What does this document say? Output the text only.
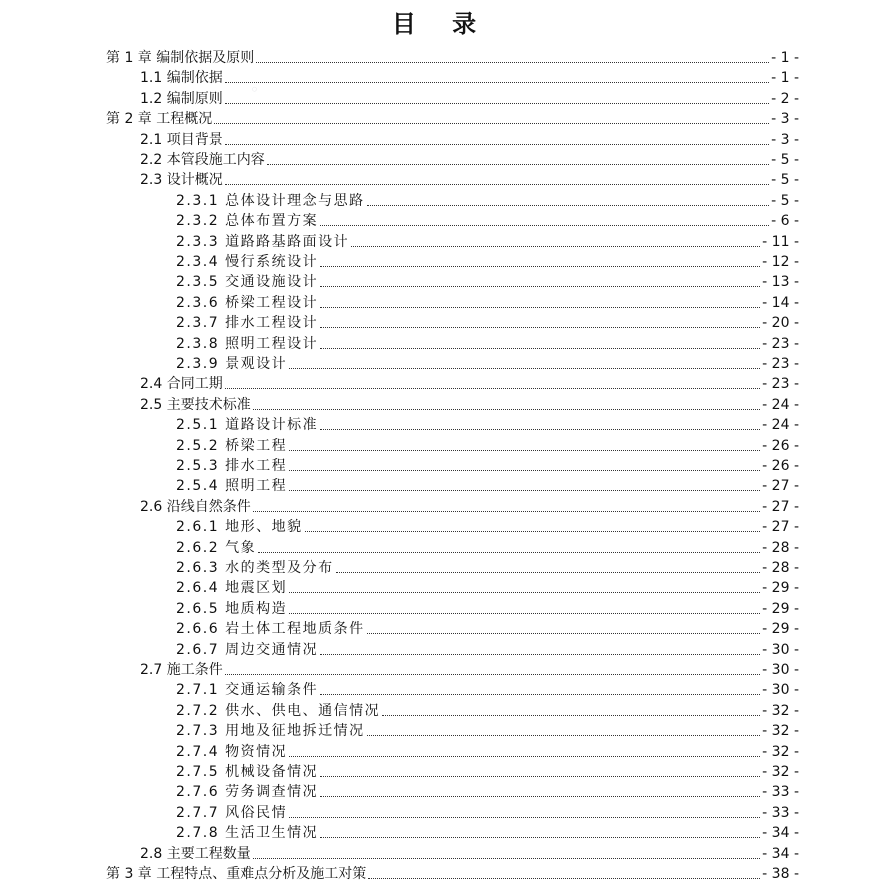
目 录
◦
第 1 章 编制依据及原则	- 1 -
1.1 编制依据	- 1 -
1.2 编制原则	- 2 -
第 2 章 工程概况	- 3 -
2.1 项目背景	- 3 -
2.2 本管段施工内容	- 5 -
2.3 设计概况	- 5 -
2.3.1 总体设计理念与思路	- 5 -
2.3.2 总体布置方案	- 6 -
2.3.3 道路路基路面设计	- 11 -
2.3.4 慢行系统设计	- 12 -
2.3.5 交通设施设计	- 13 -
2.3.6 桥梁工程设计	- 14 -
2.3.7 排水工程设计	- 20 -
2.3.8 照明工程设计	- 23 -
2.3.9 景观设计	- 23 -
2.4 合同工期	- 23 -
2.5 主要技术标准	- 24 -
2.5.1 道路设计标准	- 24 -
2.5.2 桥梁工程	- 26 -
2.5.3 排水工程	- 26 -
2.5.4 照明工程	- 27 -
2.6 沿线自然条件	- 27 -
2.6.1 地形、地貌	- 27 -
2.6.2 气象	- 28 -
2.6.3 水的类型及分布	- 28 -
2.6.4 地震区划	- 29 -
2.6.5 地质构造	- 29 -
2.6.6 岩土体工程地质条件	- 29 -
2.6.7 周边交通情况	- 30 -
2.7 施工条件	- 30 -
2.7.1 交通运输条件	- 30 -
2.7.2 供水、供电、通信情况	- 32 -
2.7.3 用地及征地拆迁情况	- 32 -
2.7.4 物资情况	- 32 -
2.7.5 机械设备情况	- 32 -
2.7.6 劳务调查情况	- 33 -
2.7.7 风俗民情	- 33 -
2.7.8 生活卫生情况	- 34 -
2.8 主要工程数量	- 34 -
第 3 章 工程特点、重难点分析及施工对策	- 38 -
